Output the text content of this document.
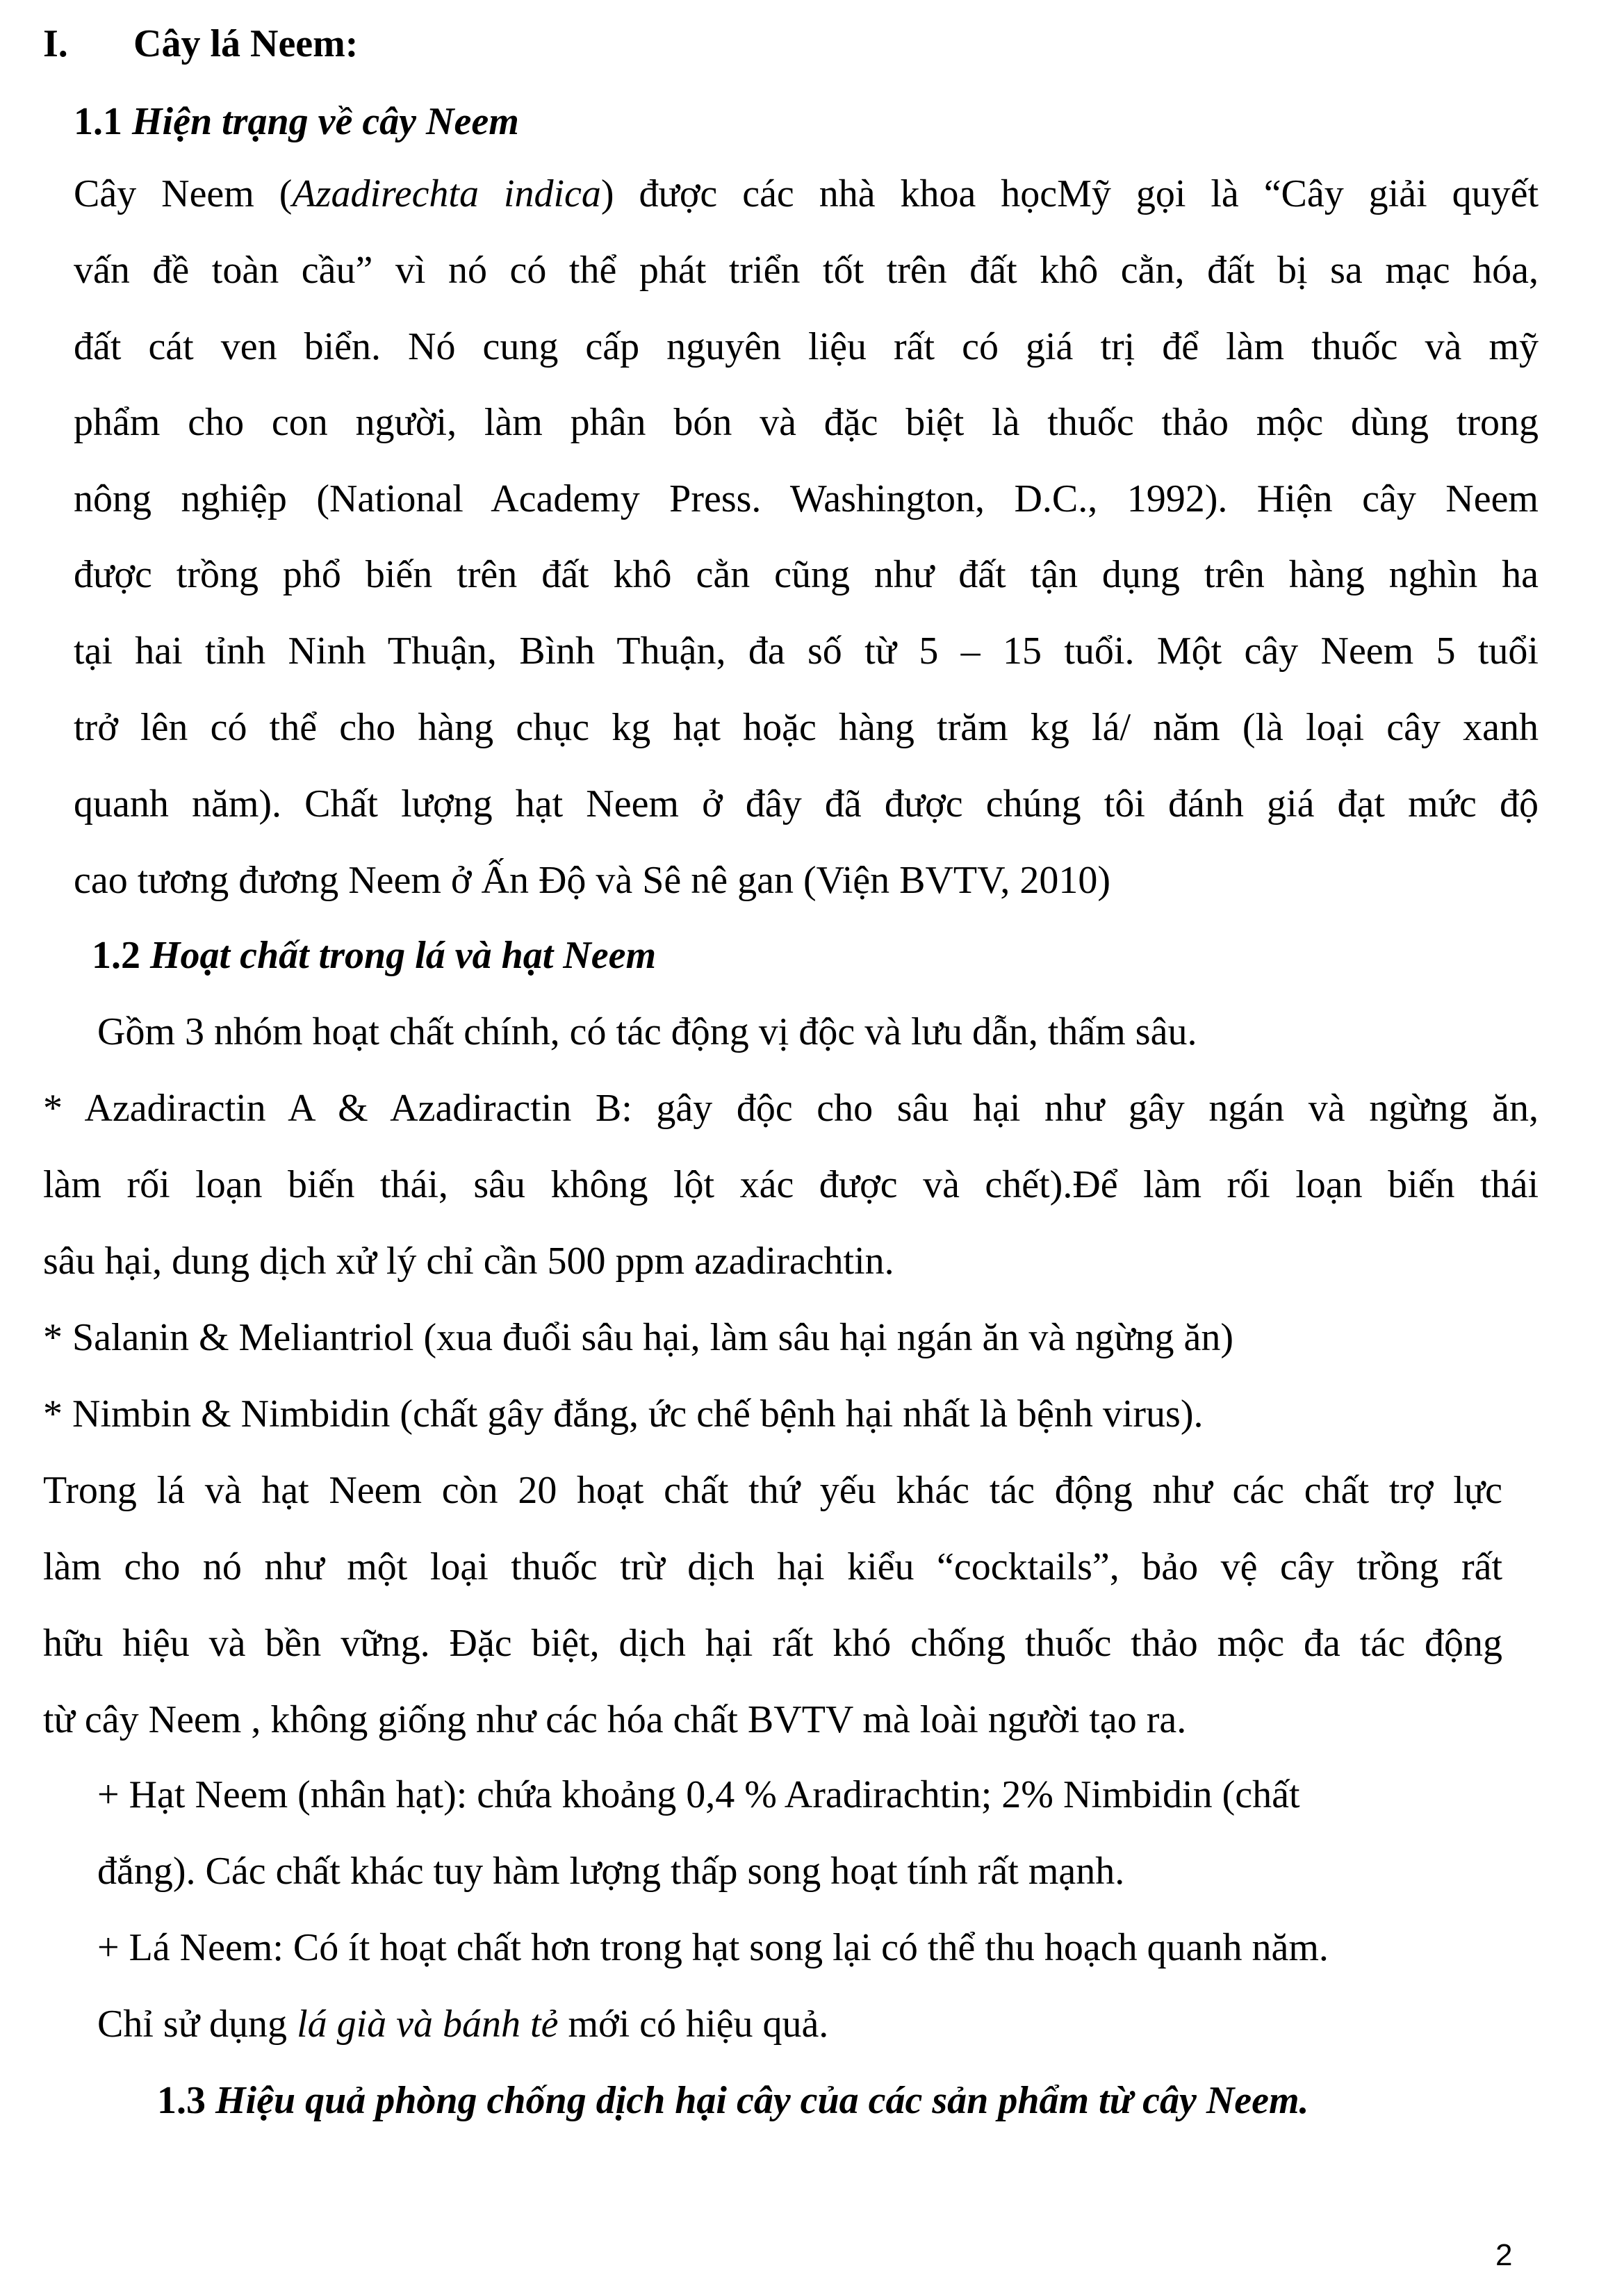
I. Cây lá Neem:
1.1 Hiện trạng về cây Neem
Cây Neem (Azadirechta indica) được các nhà khoa họcMỹ gọi là “Cây giải quyết
vấn đề toàn cầu” vì nó có thể phát triển tốt trên đất khô cằn, đất bị sa mạc hóa,
đất cát ven biển. Nó cung cấp nguyên liệu rất có giá trị để làm thuốc và mỹ
phẩm cho con người, làm phân bón và đặc biệt là thuốc thảo mộc dùng trong
nông nghiệp (National Academy Press. Washington, D.C., 1992). Hiện cây Neem
được trồng phổ biến trên đất khô cằn cũng như đất tận dụng trên hàng nghìn ha
tại hai tỉnh Ninh Thuận, Bình Thuận, đa số từ 5 – 15 tuổi. Một cây Neem 5 tuổi
trở lên có thể cho hàng chục kg hạt hoặc hàng trăm kg lá/ năm (là loại cây xanh
quanh năm). Chất lượng hạt Neem ở đây đã được chúng tôi đánh giá đạt mức độ
cao tương đương Neem ở Ấn Độ và Sê nê gan (Viện BVTV, 2010)
1.2 Hoạt chất trong lá và hạt Neem
Gồm 3 nhóm hoạt chất chính, có tác động vị độc và lưu dẫn, thấm sâu.
* Azadiractin A & Azadiractin B: gây độc cho sâu hại như gây ngán và ngừng ăn,
làm rối loạn biến thái, sâu không lột xác được và chết).Để làm rối loạn biến thái
sâu hại, dung dịch xử lý chỉ cần 500 ppm azadirachtin.
* Salanin & Meliantriol (xua đuổi sâu hại, làm sâu hại ngán ăn và ngừng ăn)
* Nimbin & Nimbidin (chất gây đắng, ức chế bệnh hại nhất là bệnh virus).
Trong lá và hạt Neem còn 20 hoạt chất thứ yếu khác tác động như các chất trợ lực
làm cho nó như một loại thuốc trừ dịch hại kiểu “cocktails”, bảo vệ cây trồng rất
hữu hiệu và bền vững. Đặc biệt, dịch hại rất khó chống thuốc thảo mộc đa tác động
từ cây Neem , không giống như các hóa chất BVTV mà loài người tạo ra.
+ Hạt Neem (nhân hạt): chứa khoảng 0,4 % Aradirachtin; 2% Nimbidin (chất
đắng). Các chất khác tuy hàm lượng thấp song hoạt tính rất mạnh.
+ Lá Neem: Có ít hoạt chất hơn trong hạt song lại có thể thu hoạch quanh năm.
Chỉ sử dụng lá già và bánh tẻ mới có hiệu quả.
1.3 Hiệu quả phòng chống dịch hại cây của các sản phẩm từ cây Neem.
2
